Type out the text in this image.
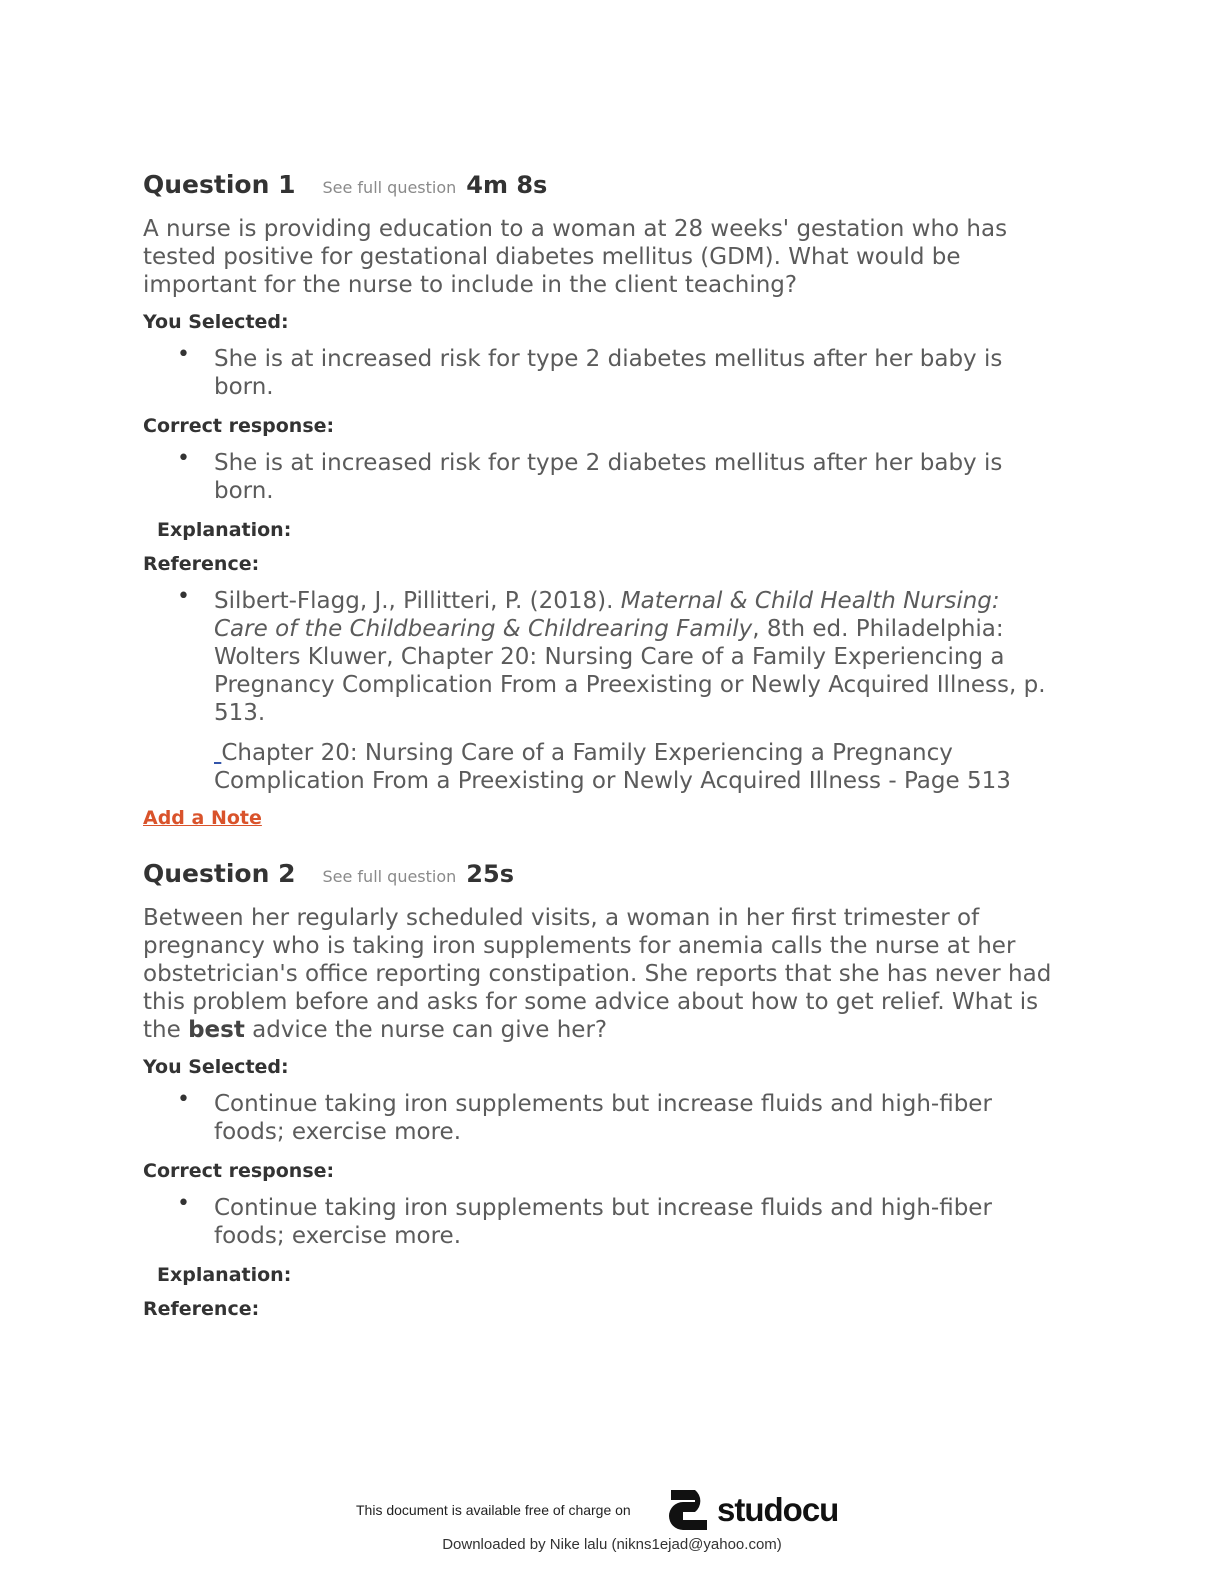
Question 1 See full question 4m 8s
A nurse is providing education to a woman at 28 weeks' gestation who has tested positive for gestational diabetes mellitus (GDM). What would be important for the nurse to include in the client teaching?
You Selected:
• She is at increased risk for type 2 diabetes mellitus after her baby is born.
Correct response:
• She is at increased risk for type 2 diabetes mellitus after her baby is born.
Explanation:
Reference:
• Silbert-Flagg, J., Pillitteri, P. (2018). Maternal & Child Health Nursing: Care of the Childbearing & Childrearing Family, 8th ed. Philadelphia: Wolters Kluwer, Chapter 20: Nursing Care of a Family Experiencing a Pregnancy Complication From a Preexisting or Newly Acquired Illness, p. 513.
Chapter 20: Nursing Care of a Family Experiencing a Pregnancy Complication From a Preexisting or Newly Acquired Illness - Page 513
Add a Note
Question 2 See full question 25s
Between her regularly scheduled visits, a woman in her first trimester of pregnancy who is taking iron supplements for anemia calls the nurse at her obstetrician's office reporting constipation. She reports that she has never had this problem before and asks for some advice about how to get relief. What is the best advice the nurse can give her?
You Selected:
• Continue taking iron supplements but increase fluids and high-fiber foods; exercise more.
Correct response:
• Continue taking iron supplements but increase fluids and high-fiber foods; exercise more.
Explanation:
Reference:
This document is available free of charge on	studocu
Downloaded by Nike lalu (nikns1ejad@yahoo.com)
